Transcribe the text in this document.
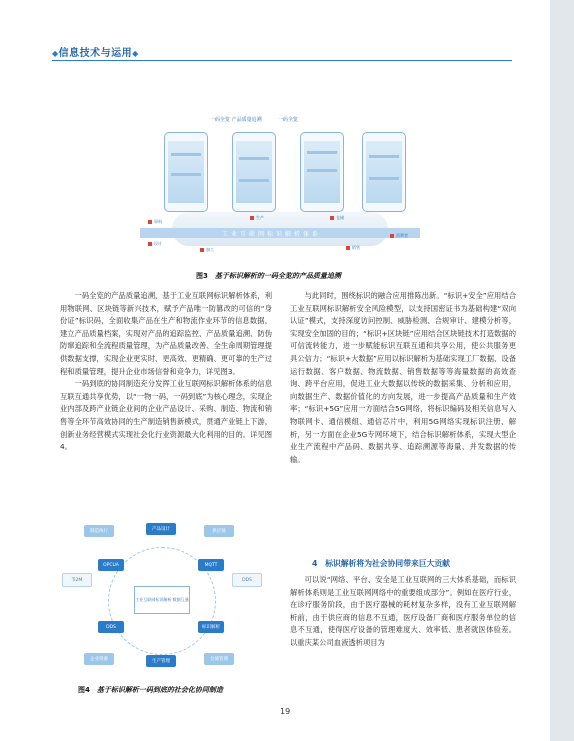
◆信息技术与运用◆
一码全览 产品质量追溯	一码全览
工业互联网标识解析体系
原料
设计
加工
生产	仓储
销售
消费者
图3　 基于标识解析的一码全览的产品质量追溯

一码全览的产品质量追溯，基于工业互联网标识解析体系，利用物联网、区块链等新兴技术，赋予产品唯一防篡改的可信的“身份证”标识码，全面收集产品在生产和物流作业环节的信息数据，建立产品质量档案，实现对产品的追踪监控、产品质量追溯、防伪防窜追踪和全流程质量管理，为产品质量改善、全生命周期管理提供数据支撑，实现企业更实时、更高效、更精确、更可靠的生产过程和质量管理，提升企业市场信誉和竞争力，详见图3。

一码到底的协同制造充分发挥工业互联网标识解析体系的信息互联互通共享优势，以“一物一码，一码到底”为核心理念，实现企业内部及跨产业链企业间的企业产品设计、采购、制造、物流和销售等全环节高效协同的生产制造销售新模式，贯通产业链上下游，创新业务经营模式实现社会化行业资源最大化利用的目的。详见图4。

工业互联网标识解析 数据互通
制造执行	产品设计	供应链
Ti2M
OPCUA	MQTT
DDS
DDS	标识解析
企业资源	生产管理	仓储管理
图4　 基于标识解析一码到底的社会化协同制造

与此同时，围绕标识的融合应用推陈出新。“标识+安全”应用结合工业互联网标识解析安全风险模型，以支持国密证书为基础构建“双向认证”模式，支持深度访问控制、威胁检测、合规审计、建模分析等，实现安全加固的目的；“标识+区块链”应用结合区块链技术打造数据的可信流转能力，进一步赋能标识互联互通和共享公用，使公共服务更具公信力；“标识+大数据”应用以标识解析为基础实现工厂数据、设备运行数据、客户数据、物流数据、销售数据等等海量数据的高效查询、跨平台应用，促进工业大数据以传统的数据采集、分析和应用，向数据生产、数据价值化的方向发展，进一步提高产品质量和生产效率；“标识+5G”应用一方面结合5G网络，将标识编码及相关信息写入物联网卡、通信模组、通信芯片中，利用5G网络实现标识注册、解析，另一方面在企业5G专网环境下，结合标识解析体系，实现大型企业生产流程中产品码、数据共享、追踪溯源等海量、并发数据的传输。

4　标识解析将为社会协同带来巨大贡献

可以说“网络、平台、安全是工业互联网的三大体系基础，而标识解析体系则是工业互联网网络中的重要组成部分”。例如在医疗行业，在诊疗服务阶段，由于医疗器械的耗材复杂多样，没有工业互联网解析前，由于供应商的信息不互通，医疗设备厂商和医疗服务单位的信息不互通，使得医疗设备的管理难度大、效率低、患者就医体验差。以重庆某公司血液透析项目为

19
